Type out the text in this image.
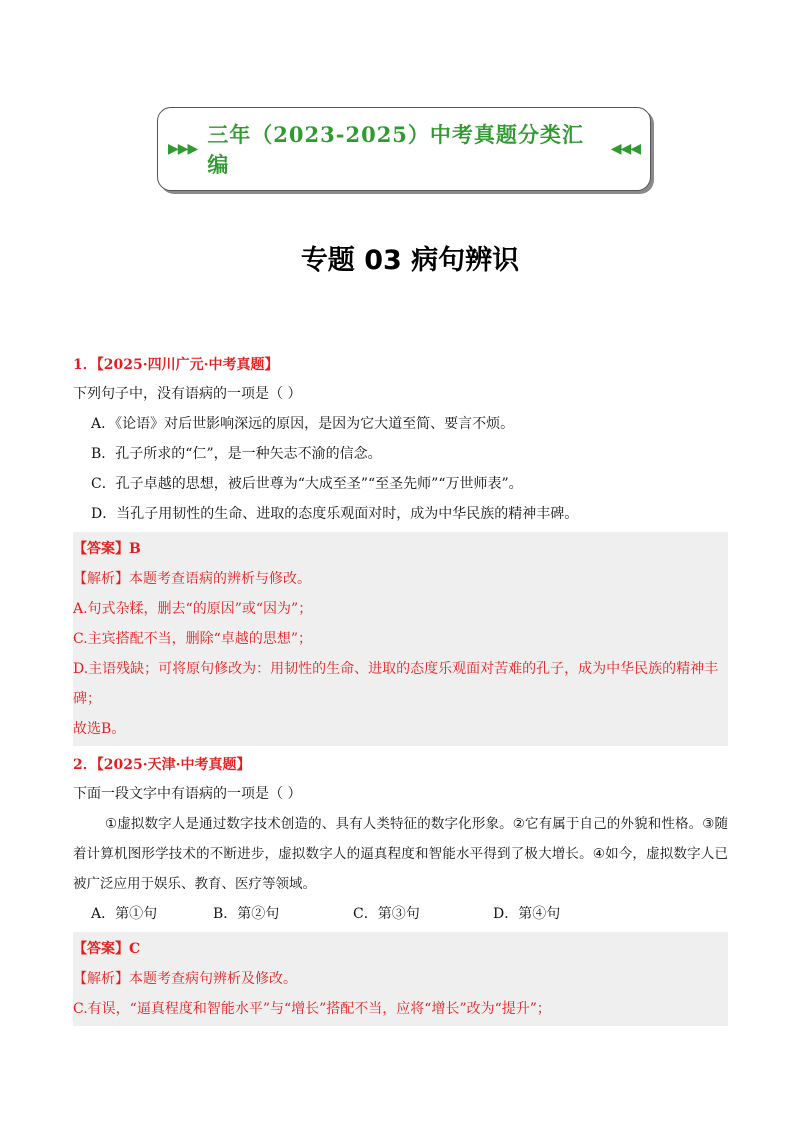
▶▶▶
三年（2023-2025）中考真题分类汇编
◀◀◀
专题 03 病句辨识

1．【2025·四川广元·中考真题】

下列句子中，没有语病的一项是（ ）

A．《论语》对后世影响深远的原因，是因为它大道至简、要言不烦。

B．孔子所求的“仁”，是一种矢志不渝的信念。

C．孔子卓越的思想，被后世尊为“大成至圣”“至圣先师”“万世师表”。

D．当孔子用韧性的生命、进取的态度乐观面对时，成为中华民族的精神丰碑。

【答案】B

【解析】本题考查语病的辨析与修改。

A.句式杂糅，删去“的原因”或“因为”；

C.主宾搭配不当，删除“卓越的思想”；

D.主语残缺；可将原句修改为：用韧性的生命、进取的态度乐观面对苦难的孔子，成为中华民族的精神丰碑；

故选B。

2．【2025·天津·中考真题】

下面一段文字中有语病的一项是（ ）

①虚拟数字人是通过数字技术创造的、具有人类特征的数字化形象。②它有属于自己的外貌和性格。③随着计算机图形学技术的不断进步，虚拟数字人的逼真程度和智能水平得到了极大增长。④如今，虚拟数字人已被广泛应用于娱乐、教育、医疗等领域。

A．第①句	B．第②句	C．第③句	D．第④句

【答案】C

【解析】本题考查病句辨析及修改。

C.有误，“逼真程度和智能水平”与“增长”搭配不当，应将“增长”改为“提升”；
